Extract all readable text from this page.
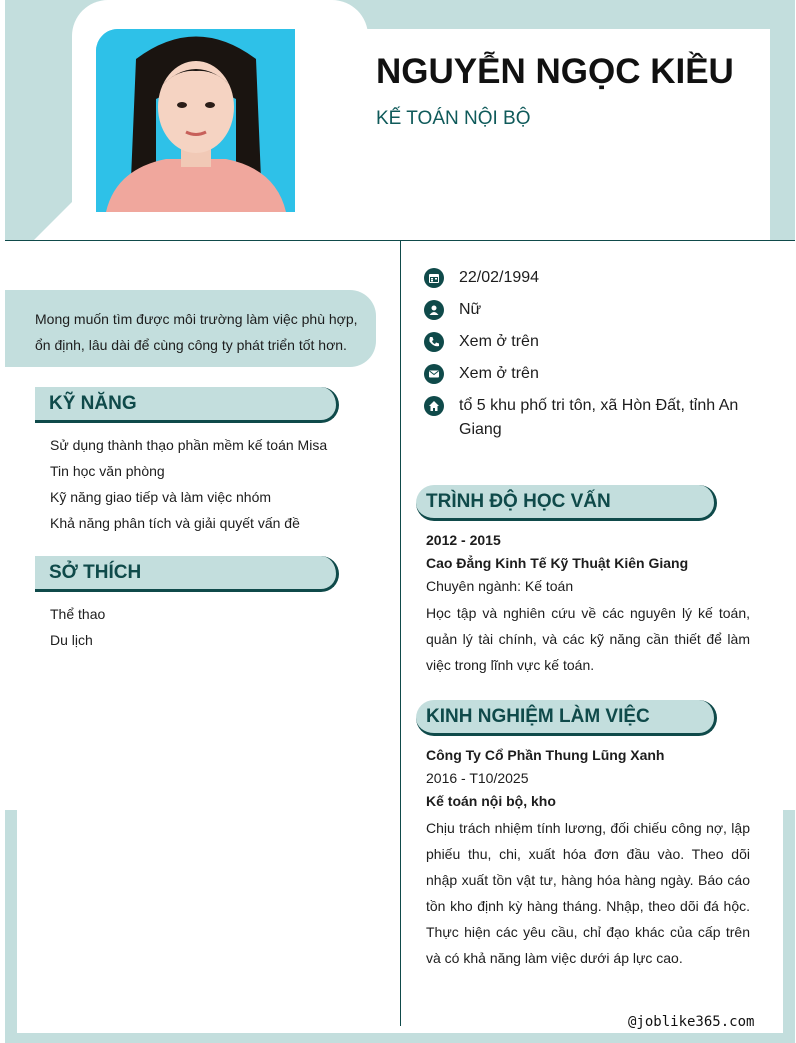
NGUYỄN NGỌC KIỀU
KẾ TOÁN NỘI BỘ
Mong muốn tìm được môi trường làm việc phù hợp, ổn định, lâu dài để cùng công ty phát triển tốt hơn.
KỸ NĂNG
Sử dụng thành thạo phần mềm kế toán Misa
Tin học văn phòng
Kỹ năng giao tiếp và làm việc nhóm
Khả năng phân tích và giải quyết vấn đề
SỞ THÍCH
Thể thao
Du lịch
22/02/1994
Nữ
Xem ở trên
Xem ở trên
tổ 5 khu phố tri tôn, xã Hòn Đất, tỉnh An Giang
TRÌNH ĐỘ HỌC VẤN
2012 - 2015
Cao Đẳng Kinh Tế Kỹ Thuật Kiên Giang
Chuyên ngành: Kế toán
Học tập và nghiên cứu về các nguyên lý kế toán, quản lý tài chính, và các kỹ năng cần thiết để làm việc trong lĩnh vực kế toán.
KINH NGHIỆM LÀM VIỆC
Công Ty Cổ Phần Thung Lũng Xanh
2016 - T10/2025
Kế toán nội bộ, kho
Chịu trách nhiệm tính lương, đối chiếu công nợ, lập phiếu thu, chi, xuất hóa đơn đầu vào. Theo dõi nhập xuất tồn vật tư, hàng hóa hàng ngày. Báo cáo tồn kho định kỳ hàng tháng. Nhập, theo dõi đá hộc. Thực hiện các yêu cầu, chỉ đạo khác của cấp trên và có khả năng làm việc dưới áp lực cao.
@joblike365.com
